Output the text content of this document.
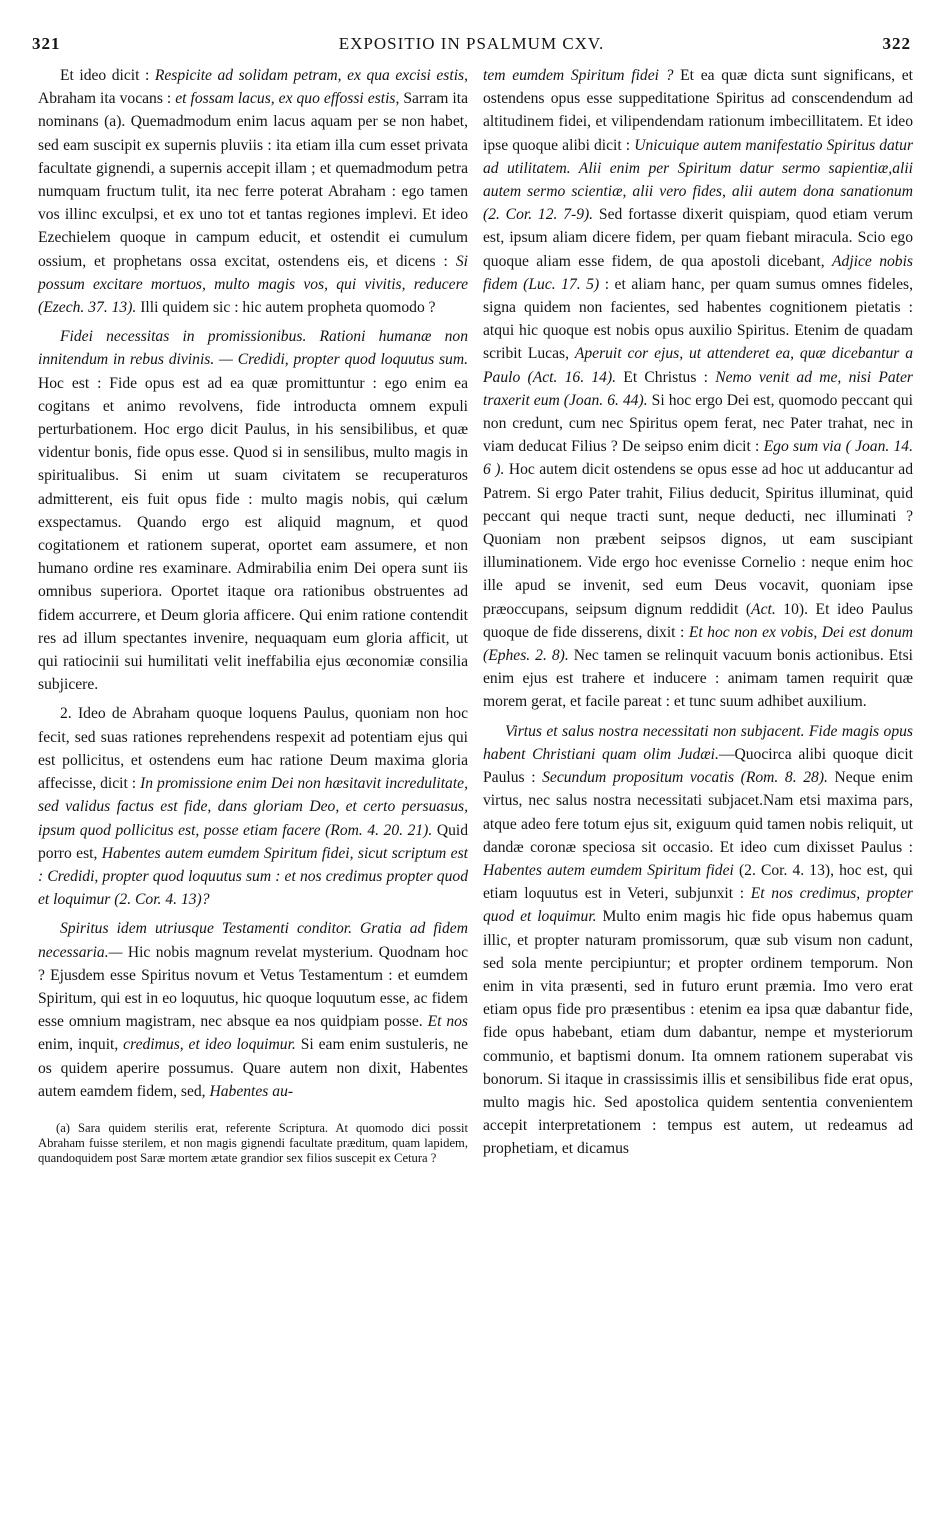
321	EXPOSITIO IN PSALMUM CXV.	322

Et ideo dicit : Respicite ad solidam petram, ex qua excisi estis, Abraham ita vocans : et fossam lacus, ex quo effossi estis, Sarram ita nominans (a). Quemadmodum enim lacus aquam per se non habet, sed eam suscipit ex supernis pluviis : ita etiam illa cum esset privata facultate gignendi, a supernis accepit illam ; et quemadmodum petra numquam fructum tulit, ita nec ferre poterat Abraham : ego tamen vos illinc exculpsi, et ex uno tot et tantas regiones implevi. Et ideo Ezechielem quoque in campum educit, et ostendit ei cumulum ossium, et prophetans ossa excitat, ostendens eis, et dicens : Si possum excitare mortuos, multo magis vos, qui vivitis, reducere (Ezech. 37. 13). Illi quidem sic : hic autem propheta quomodo ?

Fidei necessitas in promissionibus. Rationi humanæ non innitendum in rebus divinis. — Credidi, propter quod loquutus sum. Hoc est : Fide opus est ad ea quæ promittuntur : ego enim ea cogitans et animo revolvens, fide introducta omnem expuli perturbationem. Hoc ergo dicit Paulus, in his sensibilibus, et quæ videntur bonis, fide opus esse. Quod si in sensilibus, multo magis in spiritualibus. Si enim ut suam civitatem se recuperaturos admitterent, eis fuit opus fide : multo magis nobis, qui cælum exspectamus. Quando ergo est aliquid magnum, et quod cogitationem et rationem superat, oportet eam assumere, et non humano ordine res examinare. Admirabilia enim Dei opera sunt iis omnibus superiora. Oportet itaque ora rationibus obstruentes ad fidem accurrere, et Deum gloria afficere. Qui enim ratione contendit res ad illum spectantes invenire, nequaquam eum gloria afficit, ut qui ratiocinii sui humilitati velit ineffabilia ejus œconomiæ consilia subjicere.

2. Ideo de Abraham quoque loquens Paulus, quoniam non hoc fecit, sed suas rationes reprehendens respexit ad potentiam ejus qui est pollicitus, et ostendens eum hac ratione Deum maxima gloria affecisse, dicit : In promissione enim Dei non hæsitavit incredulitate, sed validus factus est fide, dans gloriam Deo, et certo persuasus, ipsum quod pollicitus est, posse etiam facere (Rom. 4. 20. 21). Quid porro est, Habentes autem eumdem Spiritum fidei, sicut scriptum est : Credidi, propter quod loquutus sum : et nos credimus propter quod et loquimur (2. Cor. 4. 13)?

Spiritus idem utriusque Testamenti conditor. Gratia ad fidem necessaria.— Hic nobis magnum revelat mysterium. Quodnam hoc ? Ejusdem esse Spiritus novum et Vetus Testamentum : et eumdem Spiritum, qui est in eo loquutus, hic quoque loquutum esse, ac fidem esse omnium magistram, nec absque ea nos quidpiam posse. Et nos enim, inquit, credimus, et ideo loquimur. Si eam enim sustuleris, ne os quidem aperire possumus. Quare autem non dixit, Habentes autem eamdem fidem, sed, Habentes au-

(a) Sara quidem sterilis erat, referente Scriptura. At quomodo dici possit Abraham fuisse sterilem, et non magis gignendi facultate præditum, quam lapidem, quandoquidem post Saræ mortem ætate grandior sex filios suscepit ex Cetura ?

tem eumdem Spiritum fidei ? Et ea quæ dicta sunt significans, et ostendens opus esse suppeditatione Spiritus ad conscendendum ad altitudinem fidei, et vilipendendam rationum imbecillitatem. Et ideo ipse quoque alibi dicit : Unicuique autem manifestatio Spiritus datur ad utilitatem. Alii enim per Spiritum datur sermo sapientiæ,alii autem sermo scientiæ, alii vero fides, alii autem dona sanationum (2. Cor. 12. 7-9). Sed fortasse dixerit quispiam, quod etiam verum est, ipsum aliam dicere fidem, per quam fiebant miracula. Scio ego quoque aliam esse fidem, de qua apostoli dicebant, Adjice nobis fidem (Luc. 17. 5) : et aliam hanc, per quam sumus omnes fideles, signa quidem non facientes, sed habentes cognitionem pietatis : atqui hic quoque est nobis opus auxilio Spiritus. Etenim de quadam scribit Lucas, Aperuit cor ejus, ut attenderet ea, quæ dicebantur a Paulo (Act. 16. 14). Et Christus : Nemo venit ad me, nisi Pater traxerit eum (Joan. 6. 44). Si hoc ergo Dei est, quomodo peccant qui non credunt, cum nec Spiritus opem ferat, nec Pater trahat, nec in viam deducat Filius ? De seipso enim dicit : Ego sum via ( Joan. 14. 6 ). Hoc autem dicit ostendens se opus esse ad hoc ut adducantur ad Patrem. Si ergo Pater trahit, Filius deducit, Spiritus illuminat, quid peccant qui neque tracti sunt, neque deducti, nec illuminati ? Quoniam non præbent seipsos dignos, ut eam suscipiant illuminationem. Vide ergo hoc evenisse Cornelio : neque enim hoc ille apud se invenit, sed eum Deus vocavit, quoniam ipse præoccupans, seipsum dignum reddidit (Act. 10). Et ideo Paulus quoque de fide disserens, dixit : Et hoc non ex vobis, Dei est donum (Ephes. 2. 8). Nec tamen se relinquit vacuum bonis actionibus. Etsi enim ejus est trahere et inducere : animam tamen requirit quæ morem gerat, et facile pareat : et tunc suum adhibet auxilium.

Virtus et salus nostra necessitati non subjacent. Fide magis opus habent Christiani quam olim Judæi.—Quocirca alibi quoque dicit Paulus : Secundum propositum vocatis (Rom. 8. 28). Neque enim virtus, nec salus nostra necessitati subjacet.Nam etsi maxima pars, atque adeo fere totum ejus sit, exiguum quid tamen nobis reliquit, ut dandæ coronæ speciosa sit occasio. Et ideo cum dixisset Paulus : Habentes autem eumdem Spiritum fidei (2. Cor. 4. 13), hoc est, qui etiam loquutus est in Veteri, subjunxit : Et nos credimus, propter quod et loquimur. Multo enim magis hic fide opus habemus quam illic, et propter naturam promissorum, quæ sub visum non cadunt, sed sola mente percipiuntur; et propter ordinem temporum. Non enim in vita præsenti, sed in futuro erunt præmia. Imo vero erat etiam opus fide pro præsentibus : etenim ea ipsa quæ dabantur fide, fide opus habebant, etiam dum dabantur, nempe et mysteriorum communio, et baptismi donum. Ita omnem rationem superabat vis bonorum. Si itaque in crassissimis illis et sensibilibus fide erat opus, multo magis hic. Sed apostolica quidem sententia convenientem accepit interpretationem : tempus est autem, ut redeamus ad prophetiam, et dicamus
